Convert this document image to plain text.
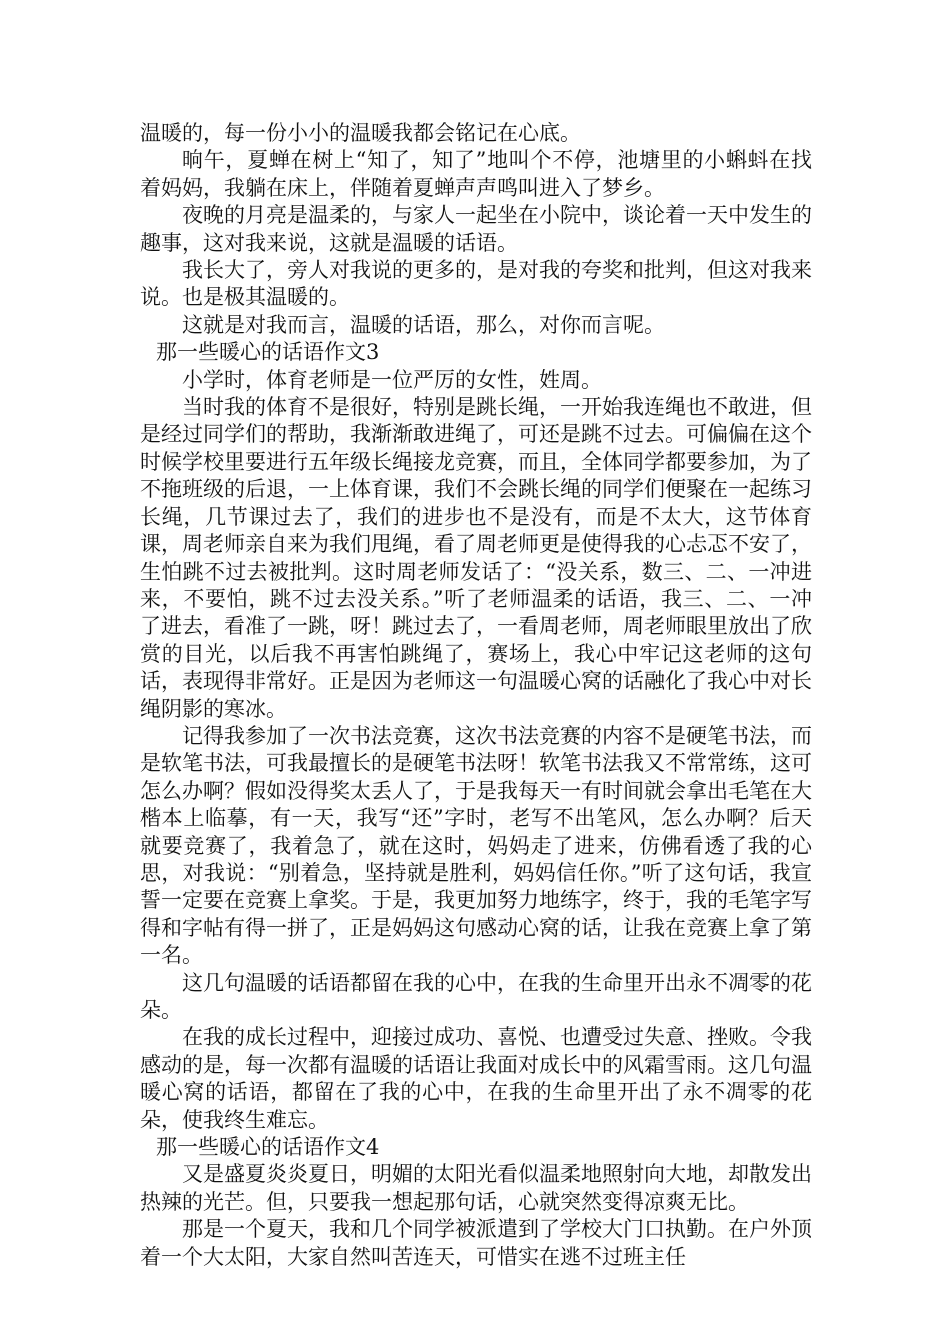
温暖的，每一份小小的温暖我都会铭记在心底。

晌午，夏蝉在树上“知了，知了”地叫个不停，池塘里的小蝌蚪在找着妈妈，我躺在床上，伴随着夏蝉声声鸣叫进入了梦乡。

夜晚的月亮是温柔的，与家人一起坐在小院中，谈论着一天中发生的趣事，这对我来说，这就是温暖的话语。

我长大了，旁人对我说的更多的，是对我的夸奖和批判，但这对我来说。也是极其温暖的。

这就是对我而言，温暖的话语，那么，对你而言呢。

那一些暖心的话语作文3

小学时，体育老师是一位严厉的女性，姓周。

当时我的体育不是很好，特别是跳长绳，一开始我连绳也不敢进，但是经过同学们的帮助，我渐渐敢进绳了，可还是跳不过去。可偏偏在这个时候学校里要进行五年级长绳接龙竞赛，而且，全体同学都要参加，为了不拖班级的后退，一上体育课，我们不会跳长绳的同学们便聚在一起练习长绳，几节课过去了，我们的进步也不是没有，而是不太大，这节体育课，周老师亲自来为我们甩绳，看了周老师更是使得我的心忐忑不安了，生怕跳不过去被批判。这时周老师发话了：“没关系，数三、二、一冲进来，不要怕，跳不过去没关系。”听了老师温柔的话语，我三、二、一冲了进去，看准了一跳，呀！跳过去了，一看周老师，周老师眼里放出了欣赏的目光，以后我不再害怕跳绳了，赛场上，我心中牢记这老师的这句话，表现得非常好。正是因为老师这一句温暖心窝的话融化了我心中对长绳阴影的寒冰。

记得我参加了一次书法竞赛，这次书法竞赛的内容不是硬笔书法，而是软笔书法，可我最擅长的是硬笔书法呀！软笔书法我又不常常练，这可怎么办啊？假如没得奖太丢人了，于是我每天一有时间就会拿出毛笔在大楷本上临摹，有一天，我写“还”字时，老写不出笔风，怎么办啊？后天就要竞赛了，我着急了，就在这时，妈妈走了进来，仿佛看透了我的心思，对我说：“别着急，坚持就是胜利，妈妈信任你。”听了这句话，我宣誓一定要在竞赛上拿奖。于是，我更加努力地练字，终于，我的毛笔字写得和字帖有得一拼了，正是妈妈这句感动心窝的话，让我在竞赛上拿了第一名。

这几句温暖的话语都留在我的心中，在我的生命里开出永不凋零的花朵。

在我的成长过程中，迎接过成功、喜悦、也遭受过失意、挫败。令我感动的是，每一次都有温暖的话语让我面对成长中的风霜雪雨。这几句温暖心窝的话语，都留在了我的心中，在我的生命里开出了永不凋零的花朵，使我终生难忘。

那一些暖心的话语作文4

又是盛夏炎炎夏日，明媚的太阳光看似温柔地照射向大地，却散发出热辣的光芒。但，只要我一想起那句话，心就突然变得凉爽无比。

那是一个夏天，我和几个同学被派遣到了学校大门口执勤。在户外顶着一个大太阳，大家自然叫苦连天，可惜实在逃不过班主任
